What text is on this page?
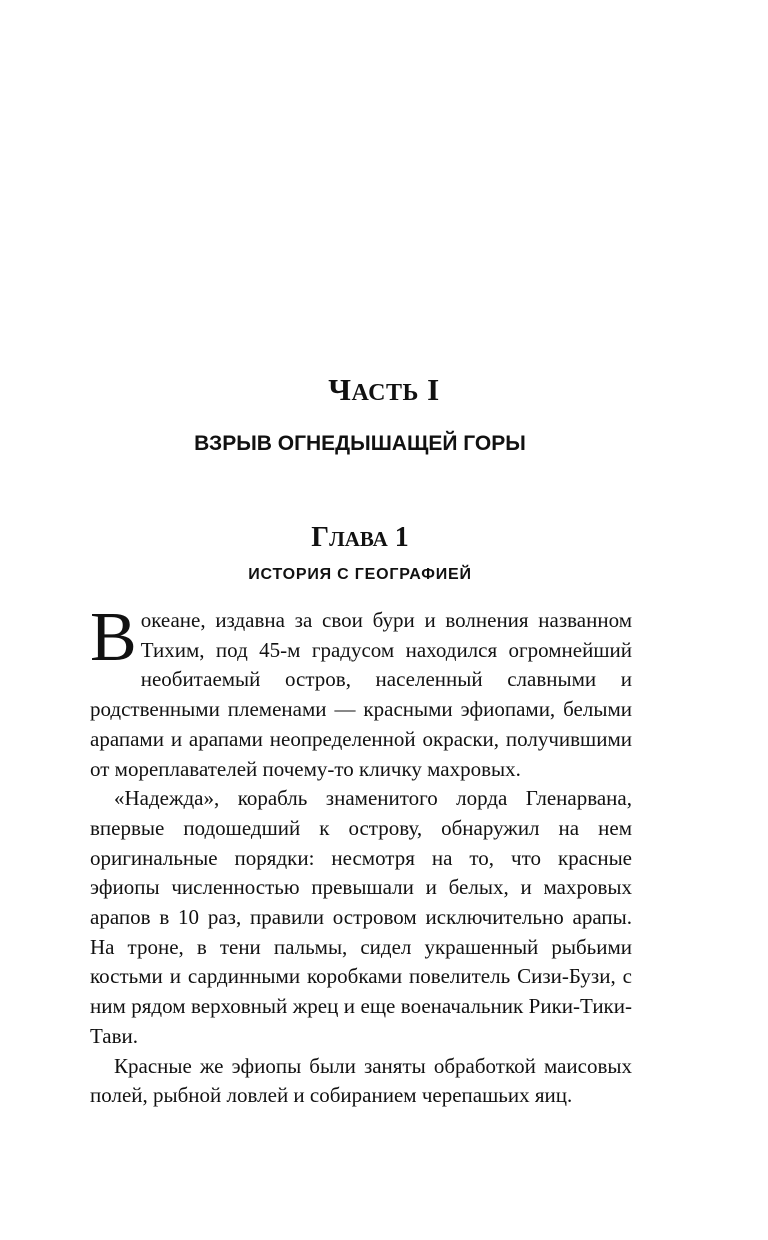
ЧАСТЬ I
ВЗРЫВ ОГНЕДЫШАЩЕЙ ГОРЫ
ГЛАВА 1
ИСТОРИЯ С ГЕОГРАФИЕЙ

Вокеане, издавна за свои бури и волнения названном Тихим, под 45-м градусом находился огромнейший необитаемый остров, населенный славными и родственными племенами — красными эфиопами, белыми арапами и арапами неопределенной окраски, получившими от мореплавателей почему-то кличку махровых.

«Надежда», корабль знаменитого лорда Гленарвана, впервые подошедший к острову, обнаружил на нем оригинальные порядки: несмотря на то, что красные эфиопы численностью превышали и белых, и махровых арапов в 10 раз, правили островом исключительно арапы. На троне, в тени пальмы, сидел украшенный рыбьими костьми и сардинными коробками повелитель Сизи-Бузи, с ним рядом верховный жрец и еще военачальник Рики-Тики-Тави.

Красные же эфиопы были заняты обработкой маисовых полей, рыбной ловлей и собиранием черепашьих яиц.
